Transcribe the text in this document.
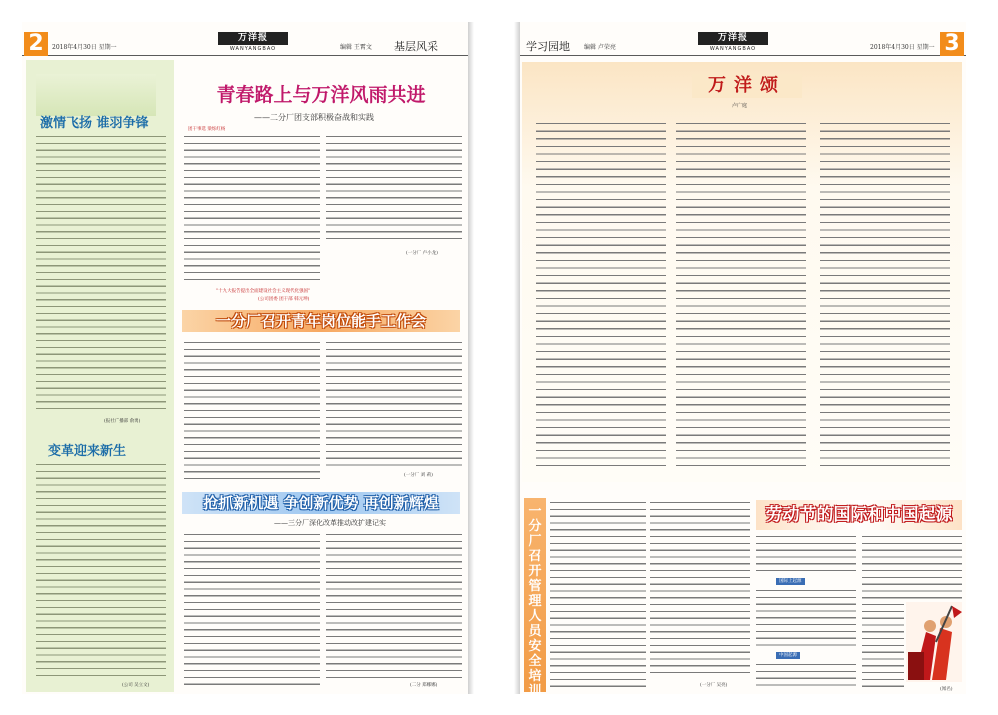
2	2018年4月30日 星期一
万洋报
WANYANGBAO	编辑 王霄文 基层风采
激情飞扬 谁羽争锋
(报社广播部 俞勇)
变革迎来新生
(公司 吴立文)
青春路上与万洋风雨共进
——二分厂团支部积极奋战和实践
团干事选 梁烁红杨
(一分厂 卢小龙)
"十九大报告提出全面建设社会主义现代化强国"
(公司团委 团干部 韩元坤)
一分厂召开青年岗位能手工作会
(一分厂 刘 莉)
抢抓新机遇 争创新优势 再创新辉煌
——三分厂深化改革推动改扩建记实
(二分 郑娜娜)
学习园地 编辑 卢荣亮
万洋报
WANYANGBAO	2018年4月30日 星期一 3
万洋颂
卢广庭
一分厂召开管理人员安全培训会
(一分厂 吴亮)
劳动节的国际和中国起源
国际上起源
中国起源
(闻名)
